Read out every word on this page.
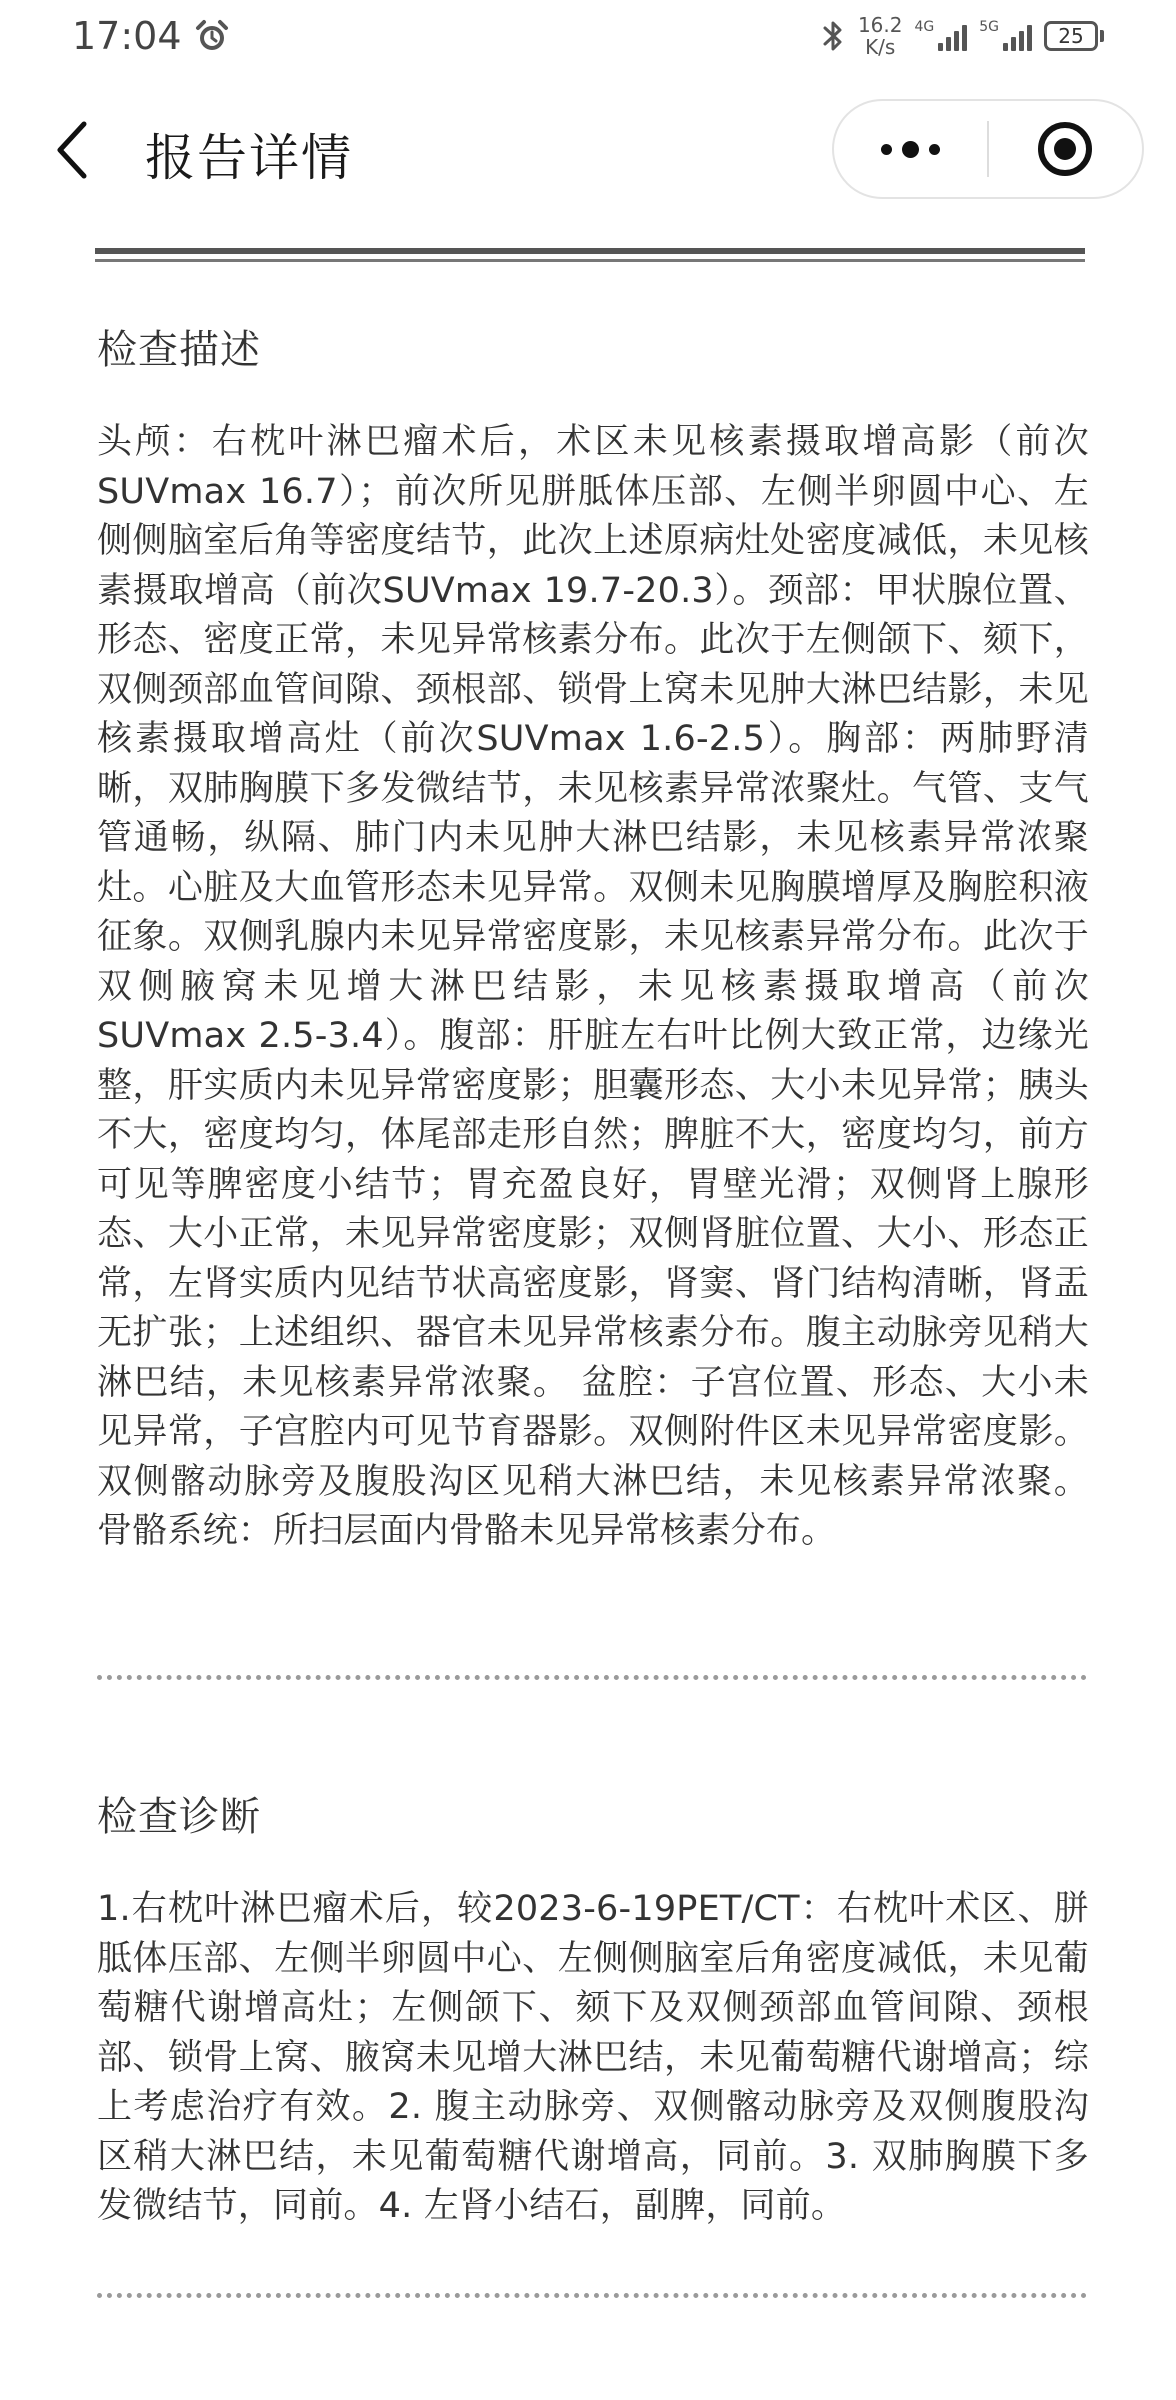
17:04	16.2
K/s
4G	5G	25
报告详情
检查描述
头颅：右枕叶淋巴瘤术后，术区未见核素摄取增高影（前次SUVmax 16.7）；前次所见胼胝体压部、左侧半卵圆中心、左侧侧脑室后角等密度结节，此次上述原病灶处密度减低，未见核素摄取增高（前次SUVmax 19.7-20.3）。颈部：甲状腺位置、形态、密度正常，未见异常核素分布。此次于左侧颌下、颏下，双侧颈部血管间隙、颈根部、锁骨上窝未见肿大淋巴结影，未见核素摄取增高灶（前次SUVmax 1.6-2.5）。胸部：两肺野清晰，双肺胸膜下多发微结节，未见核素异常浓聚灶。气管、支气管通畅，纵隔、肺门内未见肿大淋巴结影，未见核素异常浓聚灶。心脏及大血管形态未见异常。双侧未见胸膜增厚及胸腔积液征象。双侧乳腺内未见异常密度影，未见核素异常分布。此次于双侧腋窝未见增大淋巴结影，未见核素摄取增高（前次SUVmax 2.5-3.4）。腹部：肝脏左右叶比例大致正常，边缘光整，肝实质内未见异常密度影；胆囊形态、大小未见异常；胰头不大，密度均匀，体尾部走形自然；脾脏不大，密度均匀，前方可见等脾密度小结节；胃充盈良好，胃壁光滑；双侧肾上腺形态、大小正常，未见异常密度影；双侧肾脏位置、大小、形态正常，左肾实质内见结节状高密度影，肾窦、肾门结构清晰，肾盂无扩张；上述组织、器官未见异常核素分布。腹主动脉旁见稍大淋巴结，未见核素异常浓聚。 盆腔：子宫位置、形态、大小未见异常，子宫腔内可见节育器影。双侧附件区未见异常密度影。双侧髂动脉旁及腹股沟区见稍大淋巴结，未见核素异常浓聚。 骨骼系统：所扫层面内骨骼未见异常核素分布。
检查诊断
1.右枕叶淋巴瘤术后，较2023-6-19PET/CT：右枕叶术区、胼胝体压部、左侧半卵圆中心、左侧侧脑室后角密度减低，未见葡萄糖代谢增高灶；左侧颌下、颏下及双侧颈部血管间隙、颈根部、锁骨上窝、腋窝未见增大淋巴结，未见葡萄糖代谢增高；综上考虑治疗有效。2. 腹主动脉旁、双侧髂动脉旁及双侧腹股沟区稍大淋巴结，未见葡萄糖代谢增高，同前。3. 双肺胸膜下多发微结节，同前。4. 左肾小结石，副脾，同前。
